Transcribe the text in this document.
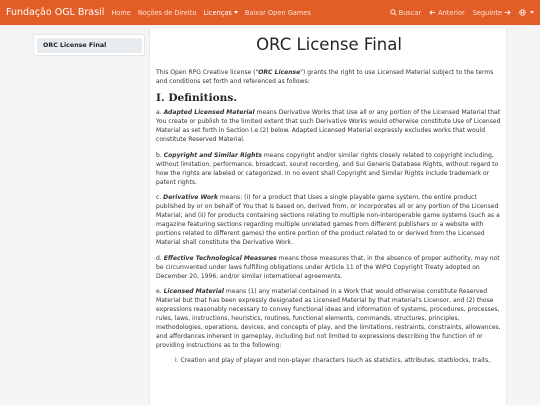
Fundação OGL Brasil Home Noções de Direito Licenças	Baixar Open Games	Buscar	Anterior Seguinte
ORC License Final	ORC License Final

This Open RPG Creative license ("ORC License") grants the right to use Licensed Material subject to the terms and conditions set forth and referenced as follows:

I. Definitions.

a. Adapted Licensed Material means Derivative Works that Use all or any portion of the Licensed Material that You create or publish to the limited extent that such Derivative Works would otherwise constitute Use of Licensed Material as set forth in Section I.e.(2) below. Adapted Licensed Material expressly excludes works that would constitute Reserved Material.

b. Copyright and Similar Rights means copyright and/or similar rights closely related to copyright including, without limitation, performance, broadcast, sound recording, and Sui Generis Database Rights, without regard to how the rights are labeled or categorized. In no event shall Copyright and Similar Rights include trademark or patent rights.

c. Derivative Work means: (i) for a product that Uses a single playable game system, the entire product published by or on behalf of You that is based on, derived from, or incorporates all or any portion of the Licensed Material; and (ii) for products containing sections relating to multiple non-interoperable game systems (such as a magazine featuring sections regarding multiple unrelated games from different publishers or a website with portions related to different games) the entire portion of the product related to or derived from the Licensed Material shall constitute the Derivative Work.

d. Effective Technological Measures means those measures that, in the absence of proper authority, may not be circumvented under laws fulfilling obligations under Article 11 of the WIPO Copyright Treaty adopted on December 20, 1996, and/or similar international agreements.

e. Licensed Material means (1) any material contained in a Work that would otherwise constitute Reserved Material but that has been expressly designated as Licensed Material by that material's Licensor, and (2) those expressions reasonably necessary to convey functional ideas and information of systems, procedures, processes, rules, laws, instructions, heuristics, routines, functional elements, commands, structures, principles, methodologies, operations, devices, and concepts of play, and the limitations, restraints, constraints, allowances, and affordances inherent in gameplay, including but not limited to expressions describing the function of or providing instructions as to the following:

i. Creation and play of player and non-player characters (such as statistics, attributes, statblocks, traits,
